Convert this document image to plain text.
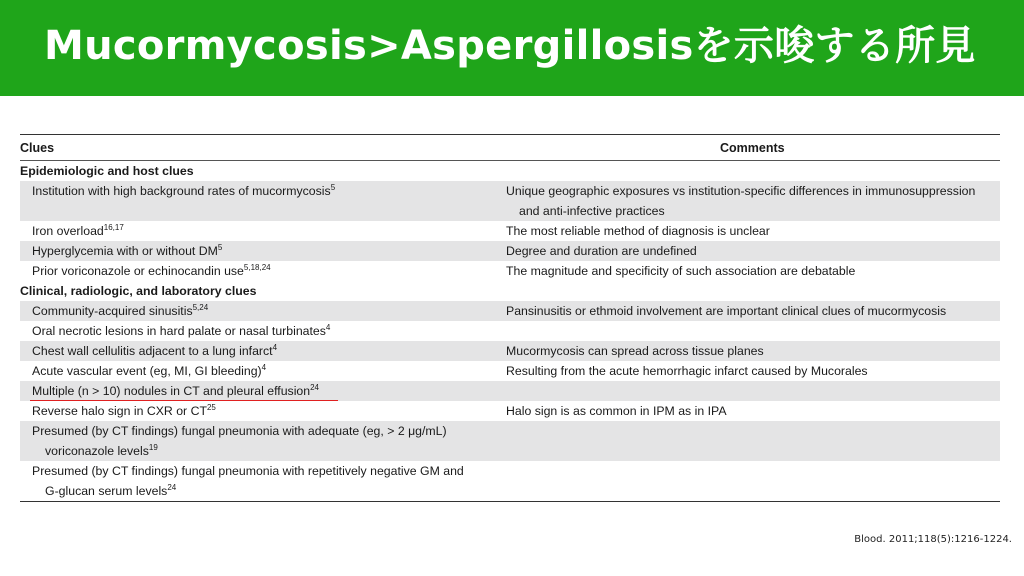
Mucormycosis>Aspergillosisを示唆する所見
Clues	Comments
Epidemiologic and host clues
Institution with high background rates of mucormycosis$^5$	Unique geographic exposures vs institution-specific differences in immunosuppression
and anti-infective practices
Iron overload$^{16,17}$	The most reliable method of diagnosis is unclear
Hyperglycemia with or without $DM^5$	Degree and duration are undefined
Prior voriconazole or echinocandin use$^{5,18,24}$	The magnitude and specificity of such association are debatable
Clinical, radiologic, and laboratory clues
Community-acquired sinusitis$^{5,24}$	Pansinusitis or ethmoid involvement are important clinical clues of mucormycosis
Oral necrotic lesions in hard palate or nasal turbinates$^4$
Chest wall cellulitis adjacent to a lung infarct$^4$	Mucormycosis can spread across tissue planes
Acute vascular event (eg, MI, GI bleeding)$^4$	Resulting from the acute hemorrhagic infarct caused by Mucorales
Multiple (n > 10) nodules in CT and pleural effusion$^{24}$
Reverse halo sign in CXR or CT$^{25}$	Halo sign is as common in IPM as in IPA
Presumed (by CT findings) fungal pneumonia with adequate (eg, > 2 μg/mL)
voriconazole levels$^{19}$
Presumed (by CT findings) fungal pneumonia with repetitively negative GM and
G-glucan serum levels$^{24}$
Blood. 2011;118(5):1216-1224.
